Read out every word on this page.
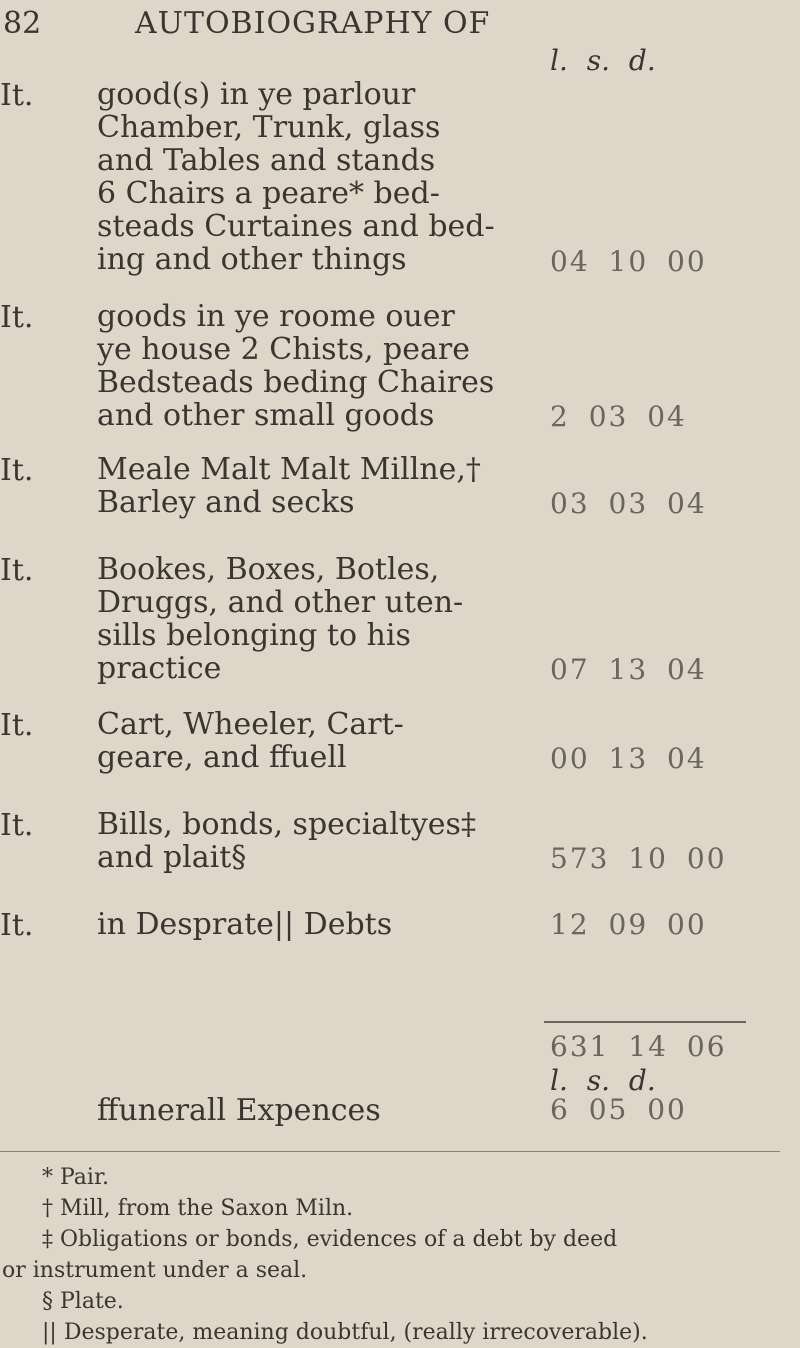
82	AUTOBIOGRAPHY OF
l. s. d.
It.	good(s) in ye parlour
Chamber, Trunk, glass
and Tables and stands
6 Chairs a peare* bed-
steads Curtaines and bed-
ing and other things	04 10 00
It.	goods in ye roome ouer
ye house 2 Chists, peare
Bedsteads beding Chaires
and other small goods	2 03 04
It.	Meale Malt Malt Millne,†
Barley and secks	03 03 04
It.	Bookes, Boxes, Botles,
Druggs, and other uten-
sills belonging to his
practice	07 13 04
It.	Cart, Wheeler, Cart-
geare, and ffuell	00 13 04
It.	Bills, bonds, specialtyes‡
and plait§	573 10 00
It.	in Desprate|| Debts	12 09 00
631 14 06
l. s. d.
ffunerall Expences	6 05 00
* Pair.
† Mill, from the Saxon Miln.
‡ Obligations or bonds, evidences of a debt by deed
or instrument under a seal.
§ Plate.
|| Desperate, meaning doubtful, (really irrecoverable).
